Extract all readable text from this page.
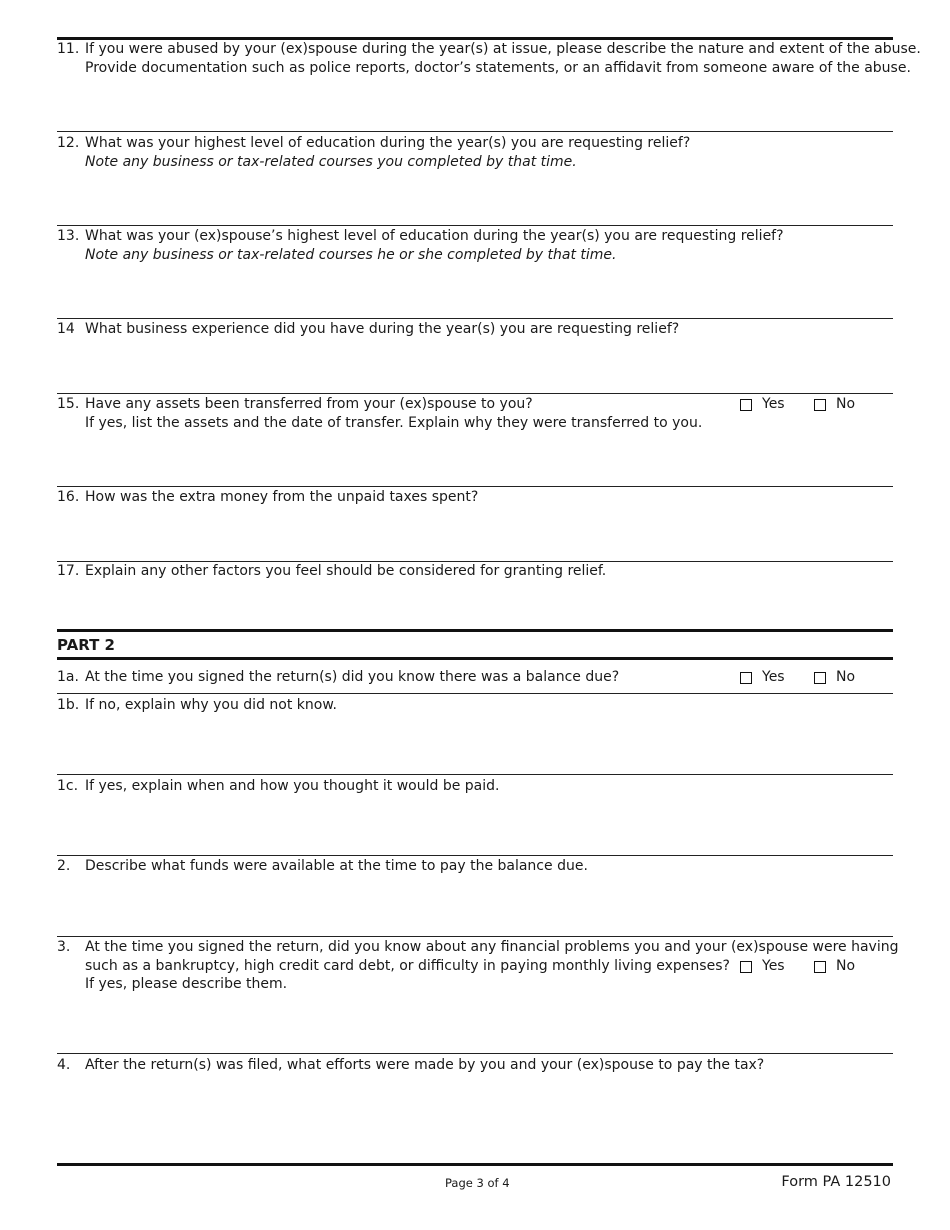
11. If you were abused by your (ex)spouse during the year(s) at issue, please describe the nature and extent of the abuse.
Provide documentation such as police reports, doctor’s statements, or an affidavit from someone aware of the abuse.
12. What was your highest level of education during the year(s) you are requesting relief?
Note any business or tax-related courses you completed by that time.
13. What was your (ex)spouse’s highest level of education during the year(s) you are requesting relief?
Note any business or tax-related courses he or she completed by that time.
14 What business experience did you have during the year(s) you are requesting relief?
15. Have any assets been transferred from your (ex)spouse to you?
If yes, list the assets and the date of transfer. Explain why they were transferred to you.
Yes	No
16. How was the extra money from the unpaid taxes spent?
17. Explain any other factors you feel should be considered for granting relief.
PART 2
1a. At the time you signed the return(s) did you know there was a balance due?	Yes	No
1b. If no, explain why you did not know.
1c. If yes, explain when and how you thought it would be paid.
2. Describe what funds were available at the time to pay the balance due.
3. At the time you signed the return, did you know about any financial problems you and your (ex)spouse were having
such as a bankruptcy, high credit card debt, or difficulty in paying monthly living expenses?
If yes, please describe them.
Yes	No
4. After the return(s) was filed, what efforts were made by you and your (ex)spouse to pay the tax?
Page 3 of 4	Form PA 12510
